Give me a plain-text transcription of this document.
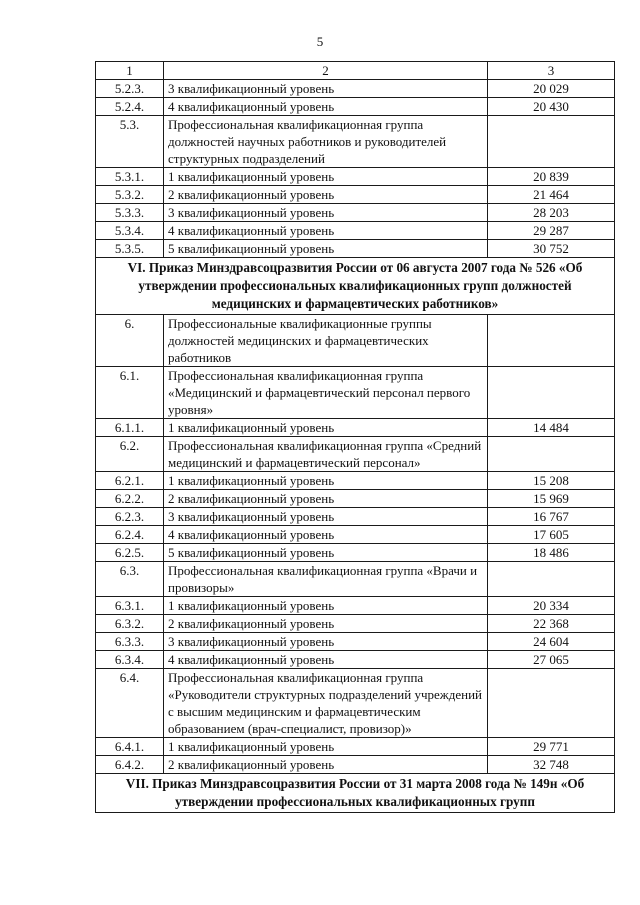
5
1	2	3
5.2.3.	3 квалификационный уровень	20 029
5.2.4.	4 квалификационный уровень	20 430
5.3.	Профессиональная квалификационная группа должностей научных работников и руководителей структурных подразделений	
5.3.1.	1 квалификационный уровень	20 839
5.3.2.	2 квалификационный уровень	21 464
5.3.3.	3 квалификационный уровень	28 203
5.3.4.	4 квалификационный уровень	29 287
5.3.5.	5 квалификационный уровень	30 752
VI. Приказ Минздравсоцразвития России от 06 августа 2007 года № 526 «Об утверждении профессиональных квалификационных групп должностей медицинских и фармацевтических работников»		
6.	Профессиональные квалификационные группы должностей медицинских и фармацевтических работников	
6.1.	Профессиональная квалификационная группа «Медицинский и фармацевтический персонал первого уровня»	
6.1.1.	1 квалификационный уровень	14 484
6.2.	Профессиональная квалификационная группа «Средний медицинский и фармацевтический персонал»	
6.2.1.	1 квалификационный уровень	15 208
6.2.2.	2 квалификационный уровень	15 969
6.2.3.	3 квалификационный уровень	16 767
6.2.4.	4 квалификационный уровень	17 605
6.2.5.	5 квалификационный уровень	18 486
6.3.	Профессиональная квалификационная группа «Врачи и провизоры»	
6.3.1.	1 квалификационный уровень	20 334
6.3.2.	2 квалификационный уровень	22 368
6.3.3.	3 квалификационный уровень	24 604
6.3.4.	4 квалификационный уровень	27 065
6.4.	Профессиональная квалификационная группа «Руководители структурных подразделений учреждений с высшим медицинским и фармацевтическим образованием (врач-специалист, провизор)»	
6.4.1.	1 квалификационный уровень	29 771
6.4.2.	2 квалификационный уровень	32 748
VII. Приказ Минздравсоцразвития России от 31 марта 2008 года № 149н «Об утверждении профессиональных квалификационных групп		
